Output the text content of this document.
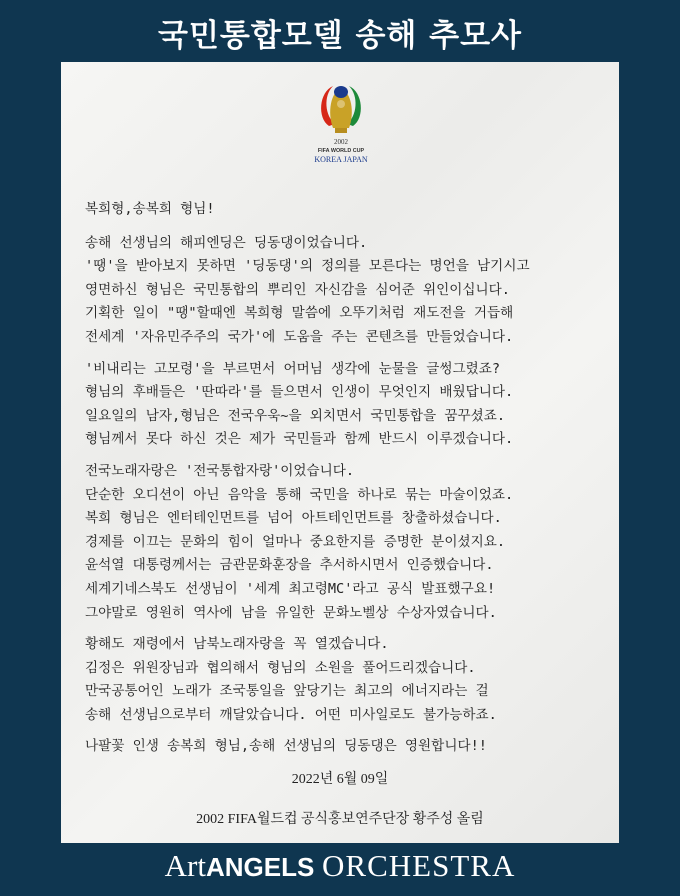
국민통합모델 송해 추모사
2002
FIFA WORLD CUP
KOREA JAPAN
복희형,송복희 형님!
송해 선생님의 해피엔딩은 딩동댕이었습니다.
'땡'을 받아보지 못하면 '딩동댕'의 정의를 모른다는 명언을 남기시고
영면하신 형님은 국민통합의 뿌리인 자신감을 심어준 위인이십니다.
기획한 일이 "땡"할때엔 복희형 말씀에 오뚜기처럼 재도전을 거듭해
전세계 '자유민주주의 국가'에 도움을 주는 콘텐츠를 만들었습니다.
'비내리는 고모령'을 부르면서 어머님 생각에 눈물을 글썽그렸죠?
형님의 후배들은 '딴따라'를 들으면서 인생이 무엇인지 배웠답니다.
일요일의 남자,형님은 전국우욱~을 외치면서 국민통합을 꿈꾸셨죠.
형님께서 못다 하신 것은 제가 국민들과 함께 반드시 이루겠습니다.
전국노래자랑은 '전국통합자랑'이었습니다.
단순한 오디션이 아닌 음악을 통해 국민을 하나로 묶는 마술이었죠.
복희 형님은 엔터테인먼트를 넘어 아트테인먼트를 창출하셨습니다.
경제를 이끄는 문화의 힘이 얼마나 중요한지를 증명한 분이셨지요.
윤석열 대통령께서는 금관문화훈장을 추서하시면서 인증했습니다.
세계기네스북도 선생님이 '세계 최고령MC'라고 공식 발표했구요!
그야말로 영원히 역사에 남을 유일한 문화노벨상 수상자였습니다.
황해도 재령에서 남북노래자랑을 꼭 열겠습니다.
김정은 위원장님과 협의해서 형님의 소원을 풀어드리겠습니다.
만국공통어인 노래가 조국통일을 앞당기는 최고의 에너지라는 걸
송해 선생님으로부터 깨달았습니다. 어떤 미사일로도 불가능하죠.
나팔꽃 인생 송복희 형님,송해 선생님의 딩동댕은 영원합니다!!
2022년 6월 09일
2002 FIFA월드컵 공식홍보연주단장 황주성 올림
ArtANGELS ORCHESTRA
